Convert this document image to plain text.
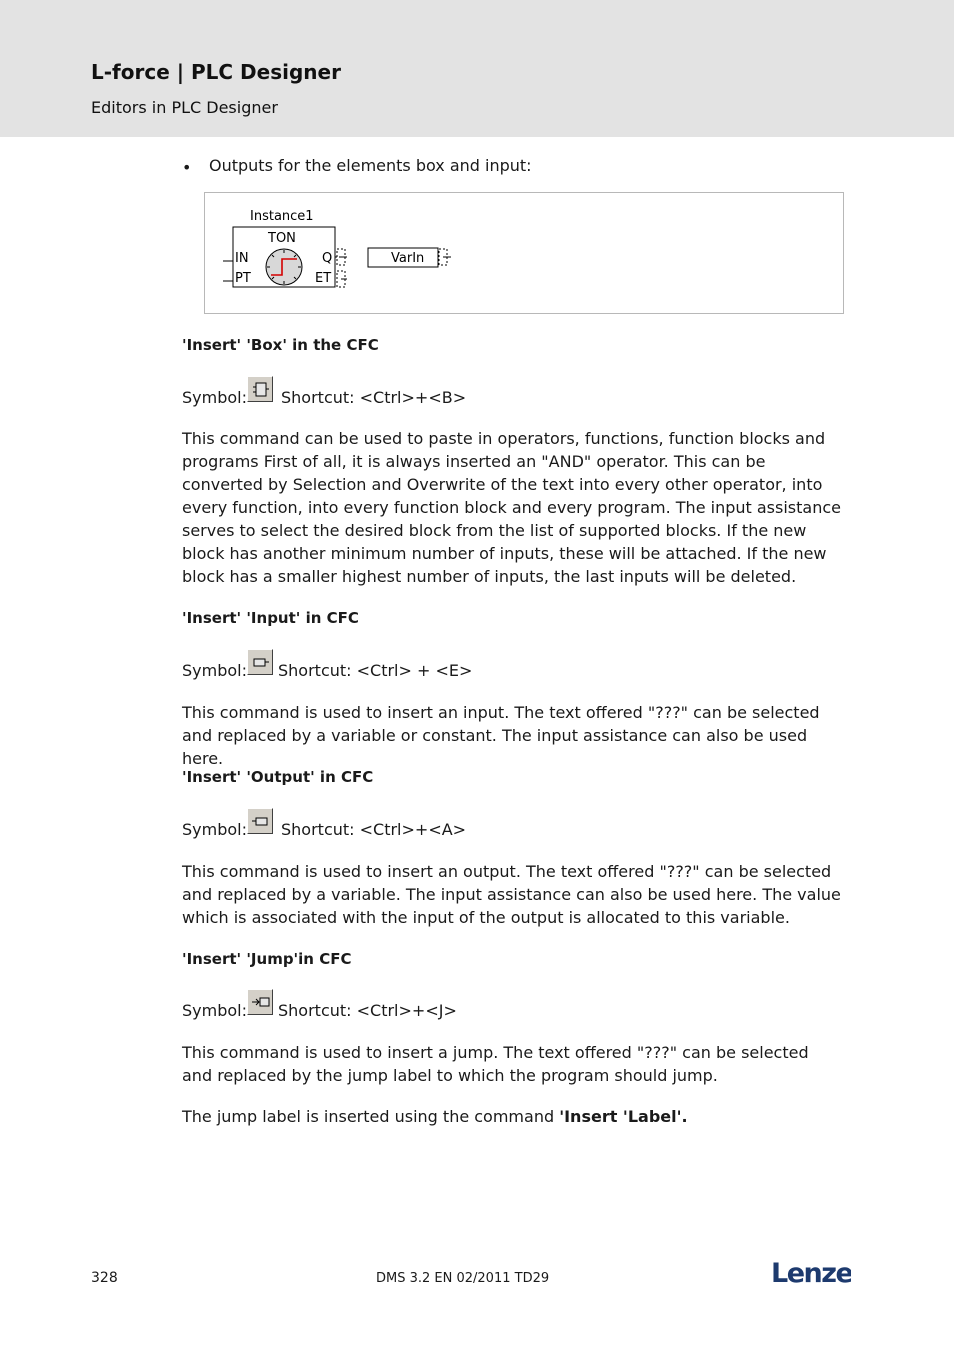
L-force | PLC Designer
Editors in PLC Designer
• Outputs for the elements box and input:
Instance1
TON
IN
PT
Q
ET
VarIn
'Insert' 'Box' in the CFC
Symbol: Shortcut: <Ctrl>+<B>
This command can be used to paste in operators, functions, function blocks and programs First of all, it is always inserted an "AND" operator. This can be converted by Selection and Overwrite of the text into every other operator, into every function, into every function block and every program. The input assistance serves to select the desired block from the list of supported blocks. If the new block has another minimum number of inputs, these will be attached. If the new block has a smaller highest number of inputs, the last inputs will be deleted.
'Insert' 'Input' in CFC
Symbol: Shortcut: <Ctrl> + <E>
This command is used to insert an input. The text offered "???" can be selected and replaced by a variable or constant. The input assistance can also be used here.
'Insert' 'Output' in CFC
Symbol: Shortcut: <Ctrl>+<A>
This command is used to insert an output. The text offered "???" can be selected and replaced by a variable. The input assistance can also be used here. The value which is associated with the input of the output is allocated to this variable.
'Insert' 'Jump'in CFC
Symbol: Shortcut: <Ctrl>+<J>
This command is used to insert a jump. The text offered "???" can be selected and replaced by the jump label to which the program should jump.
The jump label is inserted using the command 'Insert 'Label'.
328	DMS 3.2 EN 02/2011 TD29	Lenze
